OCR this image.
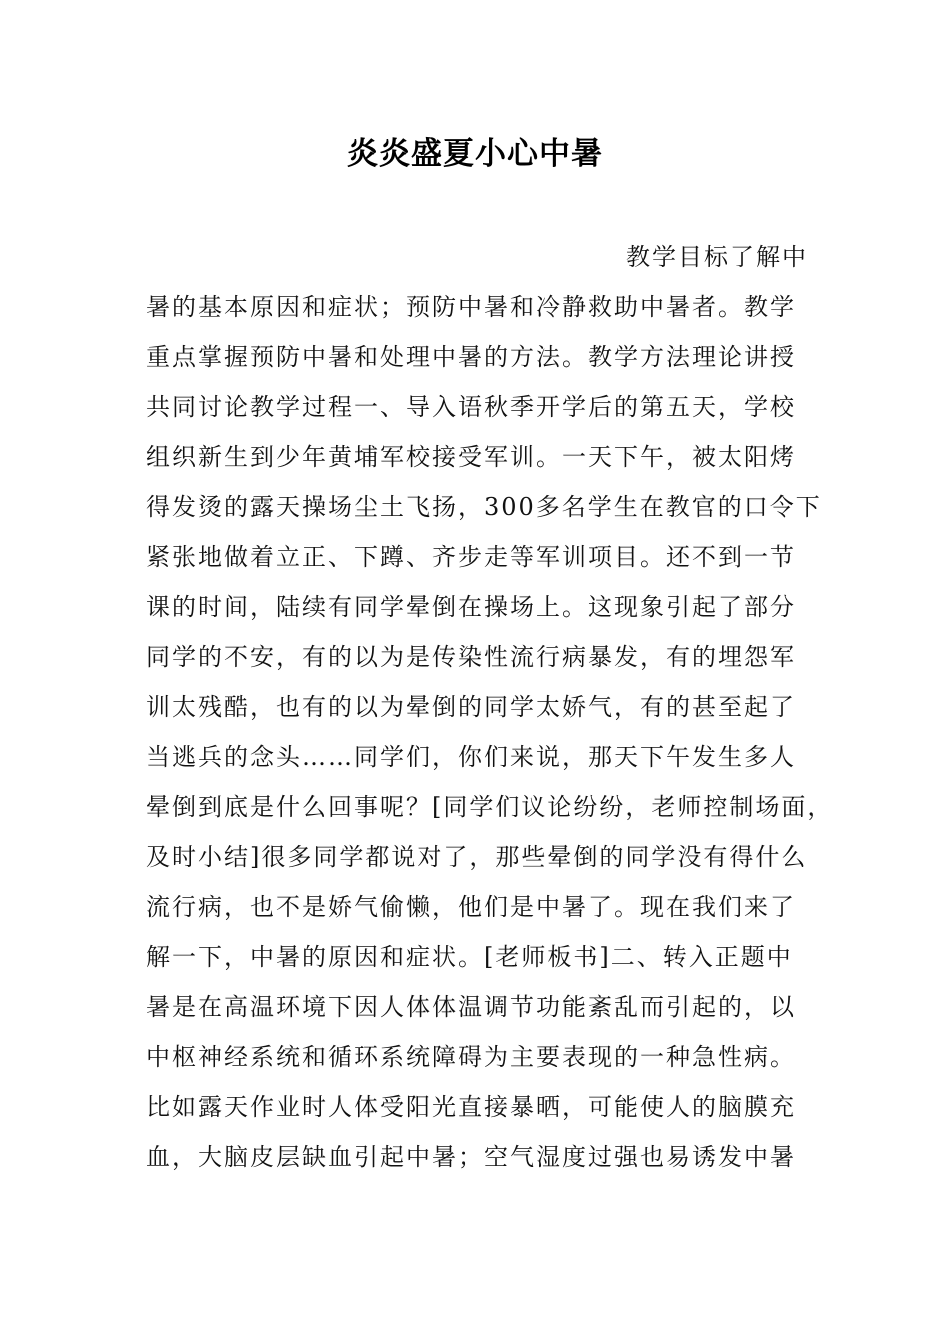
炎炎盛夏小心中暑
教学目标了解中
暑的基本原因和症状；预防中暑和冷静救助中暑者。教学
重点掌握预防中暑和处理中暑的方法。教学方法理论讲授
共同讨论教学过程一、导入语秋季开学后的第五天，学校
组织新生到少年黄埔军校接受军训。一天下午，被太阳烤
得发烫的露天操场尘土飞扬，300多名学生在教官的口令下
紧张地做着立正、下蹲、齐步走等军训项目。还不到一节
课的时间，陆续有同学晕倒在操场上。这现象引起了部分
同学的不安，有的以为是传染性流行病暴发，有的埋怨军
训太残酷，也有的以为晕倒的同学太娇气，有的甚至起了
当逃兵的念头……同学们，你们来说，那天下午发生多人
晕倒到底是什么回事呢？[同学们议论纷纷，老师控制场面，
及时小结]很多同学都说对了，那些晕倒的同学没有得什么
流行病，也不是娇气偷懒，他们是中暑了。现在我们来了
解一下，中暑的原因和症状。[老师板书]二、转入正题中
暑是在高温环境下因人体体温调节功能紊乱而引起的，以
中枢神经系统和循环系统障碍为主要表现的一种急性病。
比如露天作业时人体受阳光直接暴晒，可能使人的脑膜充
血，大脑皮层缺血引起中暑；空气湿度过强也易诱发中暑
